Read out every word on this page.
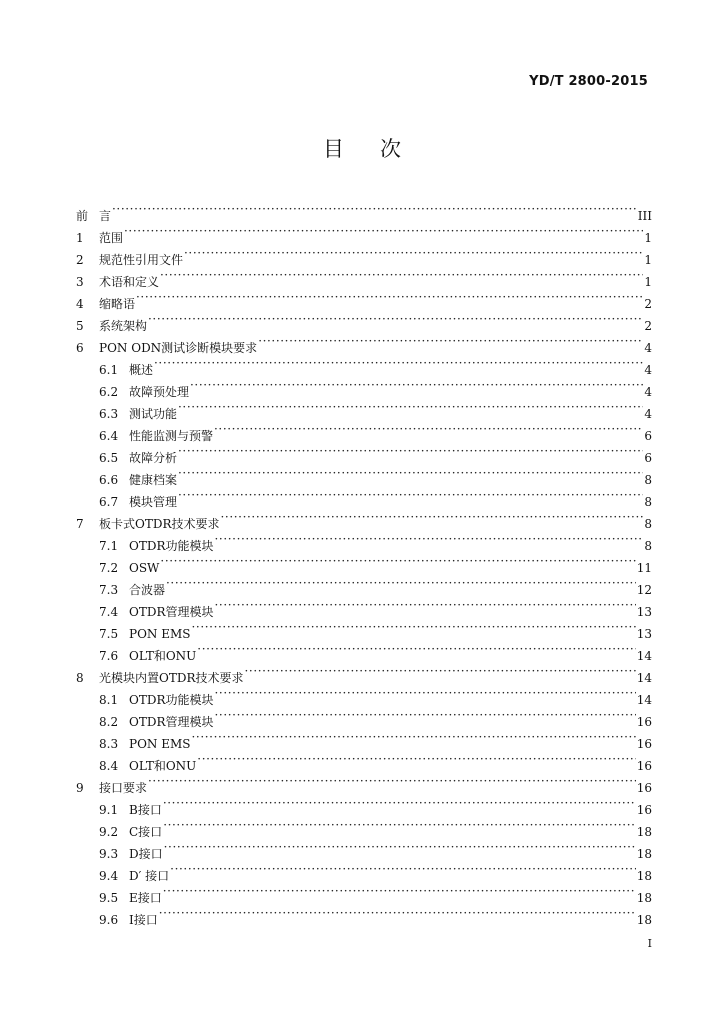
YD/T 2800-2015
目次
前 言 ·····	III
1	范围 ·····	1
2	规范性引用文件 ·····	1
3	术语和定义 ·····	1
4	缩略语 ·····	2
5	系统架构 ·····	2
6	PON ODN测试诊断模块要求 ·····	4
6.1 概述 ·····	4
6.2 故障预处理 ·····	4
6.3 测试功能 ·····	4
6.4 性能监测与预警 ·····	6
6.5 故障分析 ·····	6
6.6 健康档案 ·····	8
6.7 模块管理 ·····	8
7	板卡式OTDR技术要求 ·····	8
7.1 OTDR功能模块 ·····	8
7.2 OSW ·····	11
7.3 合波器 ·····	12
7.4 OTDR管理模块 ·····	13
7.5 PON EMS ·····	13
7.6 OLT和ONU ·····	14
8	光模块内置OTDR技术要求 ·····	14
8.1 OTDR功能模块 ·····	14
8.2 OTDR管理模块 ·····	16
8.3 PON EMS ·····	16
8.4 OLT和ONU ·····	16
9	接口要求 ·····	16
9.1 B接口 ·····	16
9.2 C接口 ·····	18
9.3 D接口 ·····	18
9.4 D′ 接口 ·····	18
9.5 E接口 ·····	18
9.6 I接口 ·····	18
I
